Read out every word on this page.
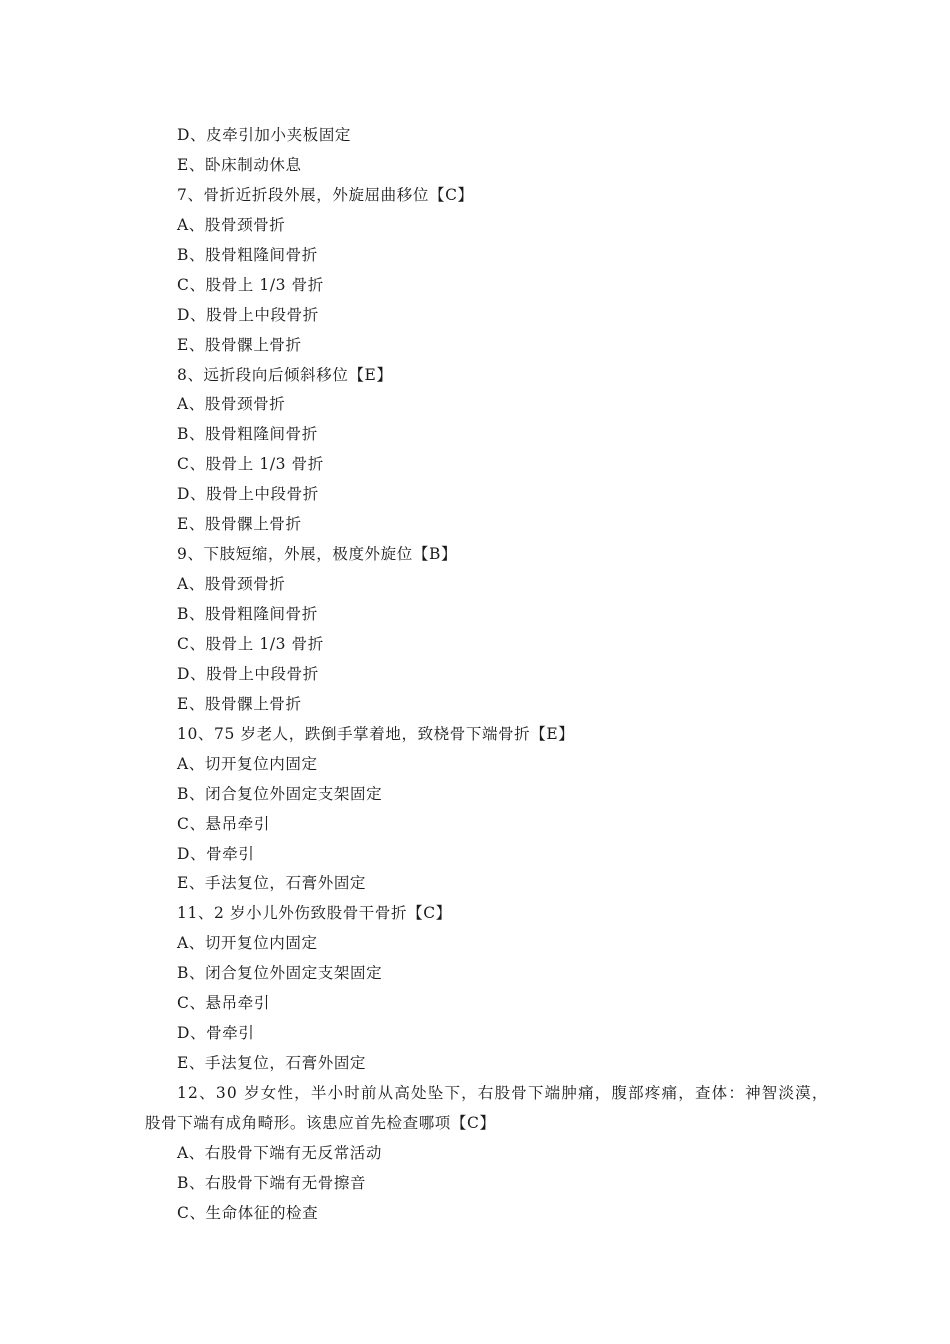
D、皮牵引加小夹板固定
E、卧床制动休息
7、骨折近折段外展，外旋屈曲移位【C】
A、股骨颈骨折
B、股骨粗隆间骨折
C、股骨上 1/3 骨折
D、股骨上中段骨折
E、股骨髁上骨折
8、远折段向后倾斜移位【E】
A、股骨颈骨折
B、股骨粗隆间骨折
C、股骨上 1/3 骨折
D、股骨上中段骨折
E、股骨髁上骨折
9、下肢短缩，外展，极度外旋位【B】
A、股骨颈骨折
B、股骨粗隆间骨折
C、股骨上 1/3 骨折
D、股骨上中段骨折
E、股骨髁上骨折
10、75 岁老人，跌倒手掌着地，致桡骨下端骨折【E】
A、切开复位内固定
B、闭合复位外固定支架固定
C、悬吊牵引
D、骨牵引
E、手法复位，石膏外固定
11、2 岁小儿外伤致股骨干骨折【C】
A、切开复位内固定
B、闭合复位外固定支架固定
C、悬吊牵引
D、骨牵引
E、手法复位，石膏外固定
12、30 岁女性，半小时前从高处坠下，右股骨下端肿痛，腹部疼痛，查体：神智淡漠，
股骨下端有成角畸形。该患应首先检查哪项【C】
A、右股骨下端有无反常活动
B、右股骨下端有无骨擦音
C、生命体征的检查
